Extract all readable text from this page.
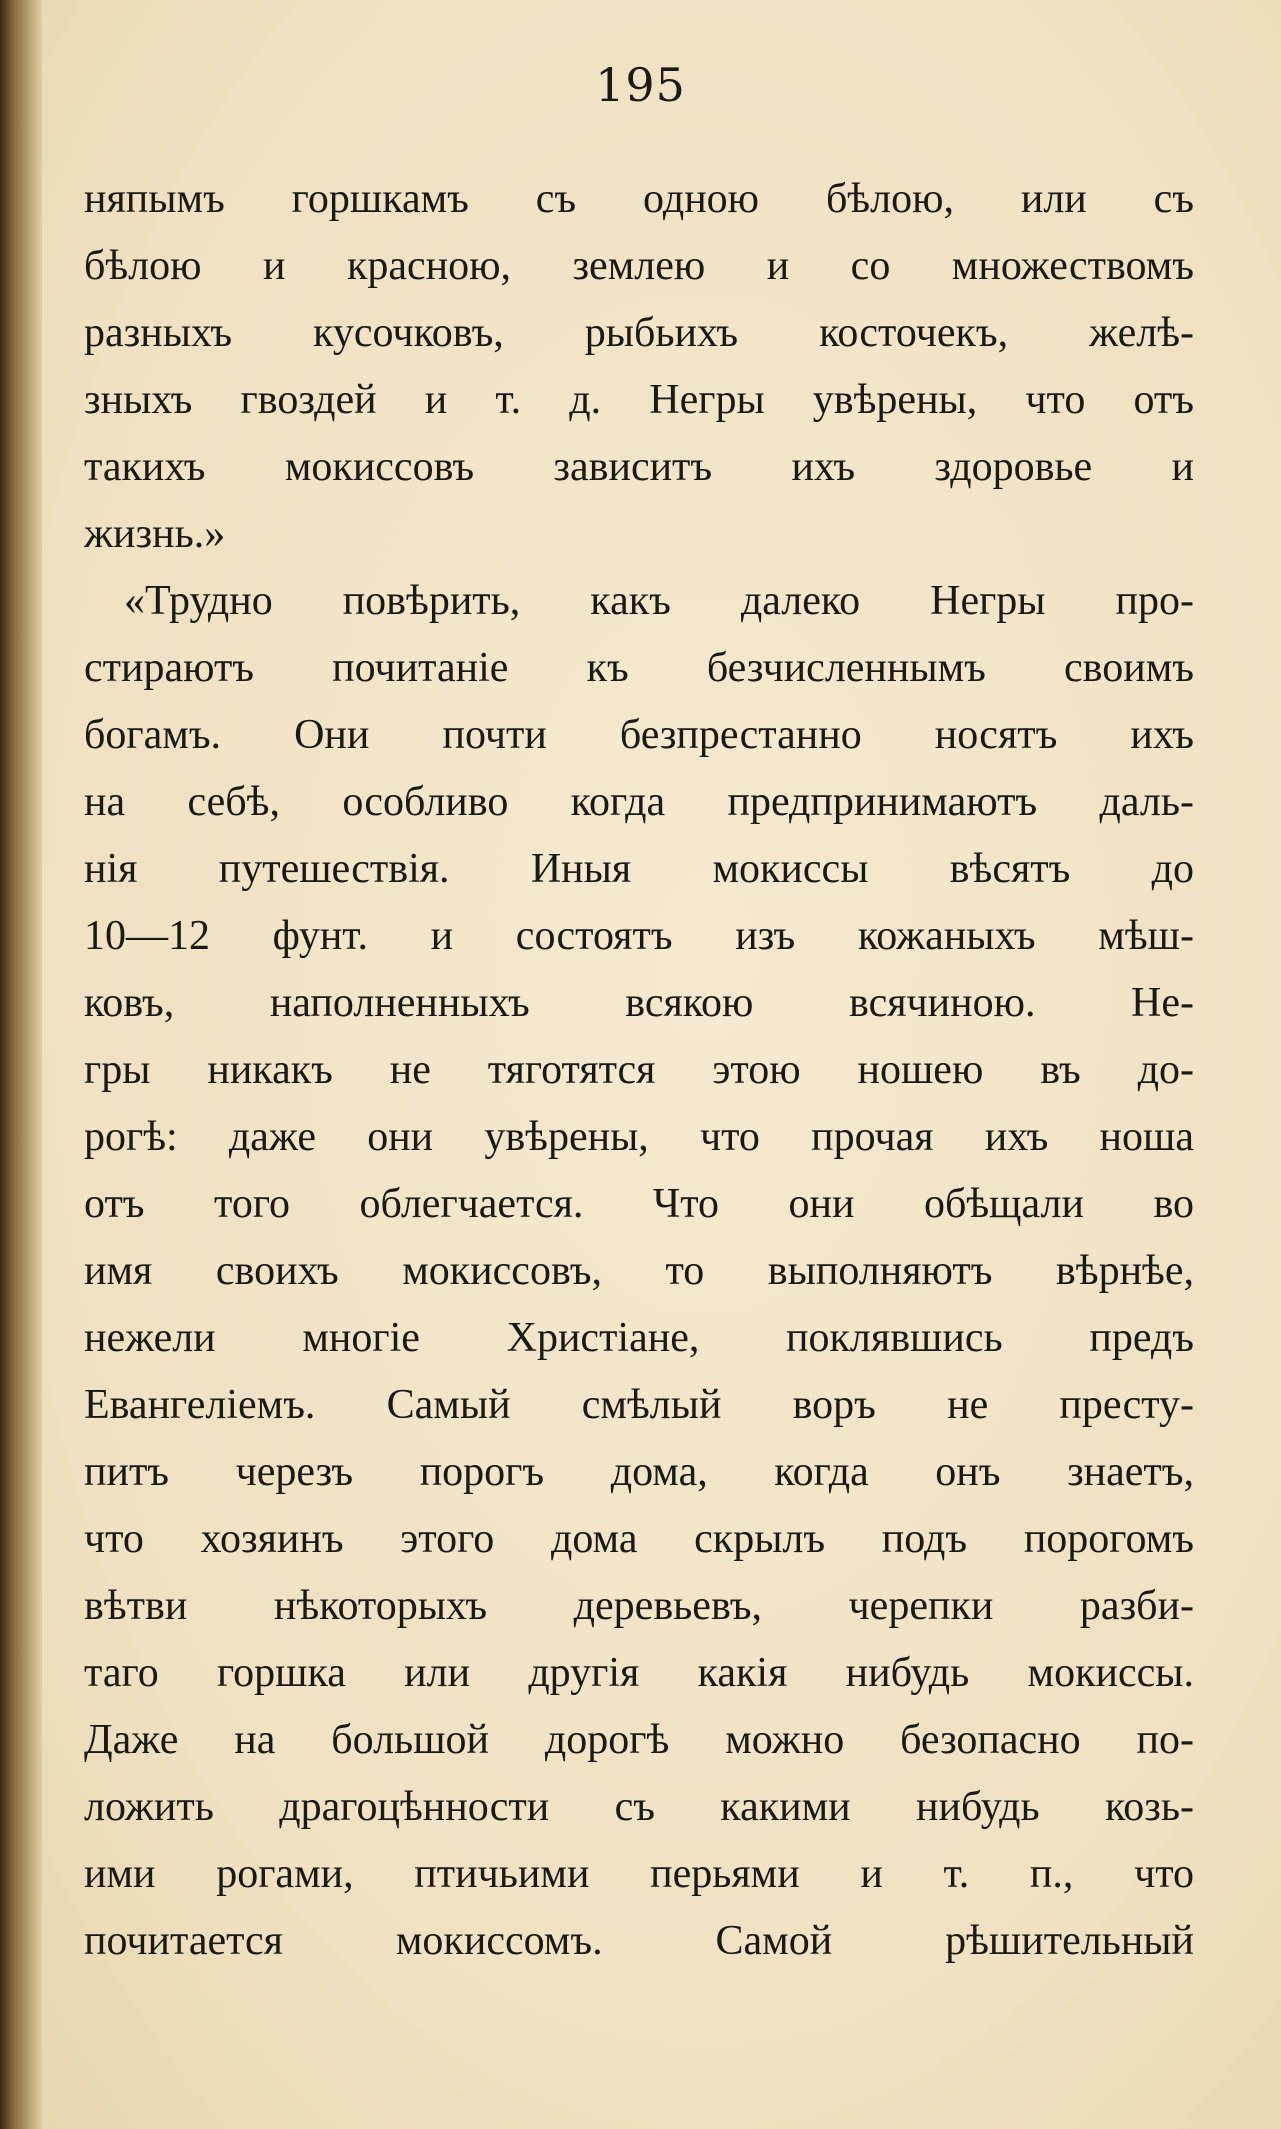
195
няпымъ горшкамъ съ одною бѣлою, или съ
бѣлою и красною, землею и со множествомъ
разныхъ кусочковъ, рыбьихъ косточекъ, желѣ-
зныхъ гвоздей и т. д. Негры увѣрены, что отъ
такихъ мокиссовъ зависитъ ихъ здоровье и
жизнь.»
«Трудно повѣрить, какъ далеко Негры про-
стираютъ почитаніе къ безчисленнымъ своимъ
богамъ. Они почти безпрестанно носятъ ихъ
на себѣ, особливо когда предпринимаютъ даль-
нія путешествія. Иныя мокиссы вѣсятъ до
10—12 фунт. и состоятъ изъ кожаныхъ мѣш-
ковъ, наполненныхъ всякою всячиною. Не-
гры никакъ не тяготятся этою ношею въ до-
рогѣ: даже они увѣрены, что прочая ихъ ноша
отъ того облегчается. Что они обѣщали во
имя своихъ мокиссовъ, то выполняютъ вѣрнѣе,
нежели многіе Христіане, поклявшись предъ
Евангеліемъ. Самый смѣлый воръ не престу-
питъ черезъ порогъ дома, когда онъ знаетъ,
что хозяинъ этого дома скрылъ подъ порогомъ
вѣтви нѣкоторыхъ деревьевъ, черепки разби-
таго горшка или другія какія нибудь мокиссы.
Даже на большой дорогѣ можно безопасно по-
ложить драгоцѣнности съ какими нибудь козь-
ими рогами, птичьими перьями и т. п., что
почитается мокиссомъ. Самой рѣшительный
